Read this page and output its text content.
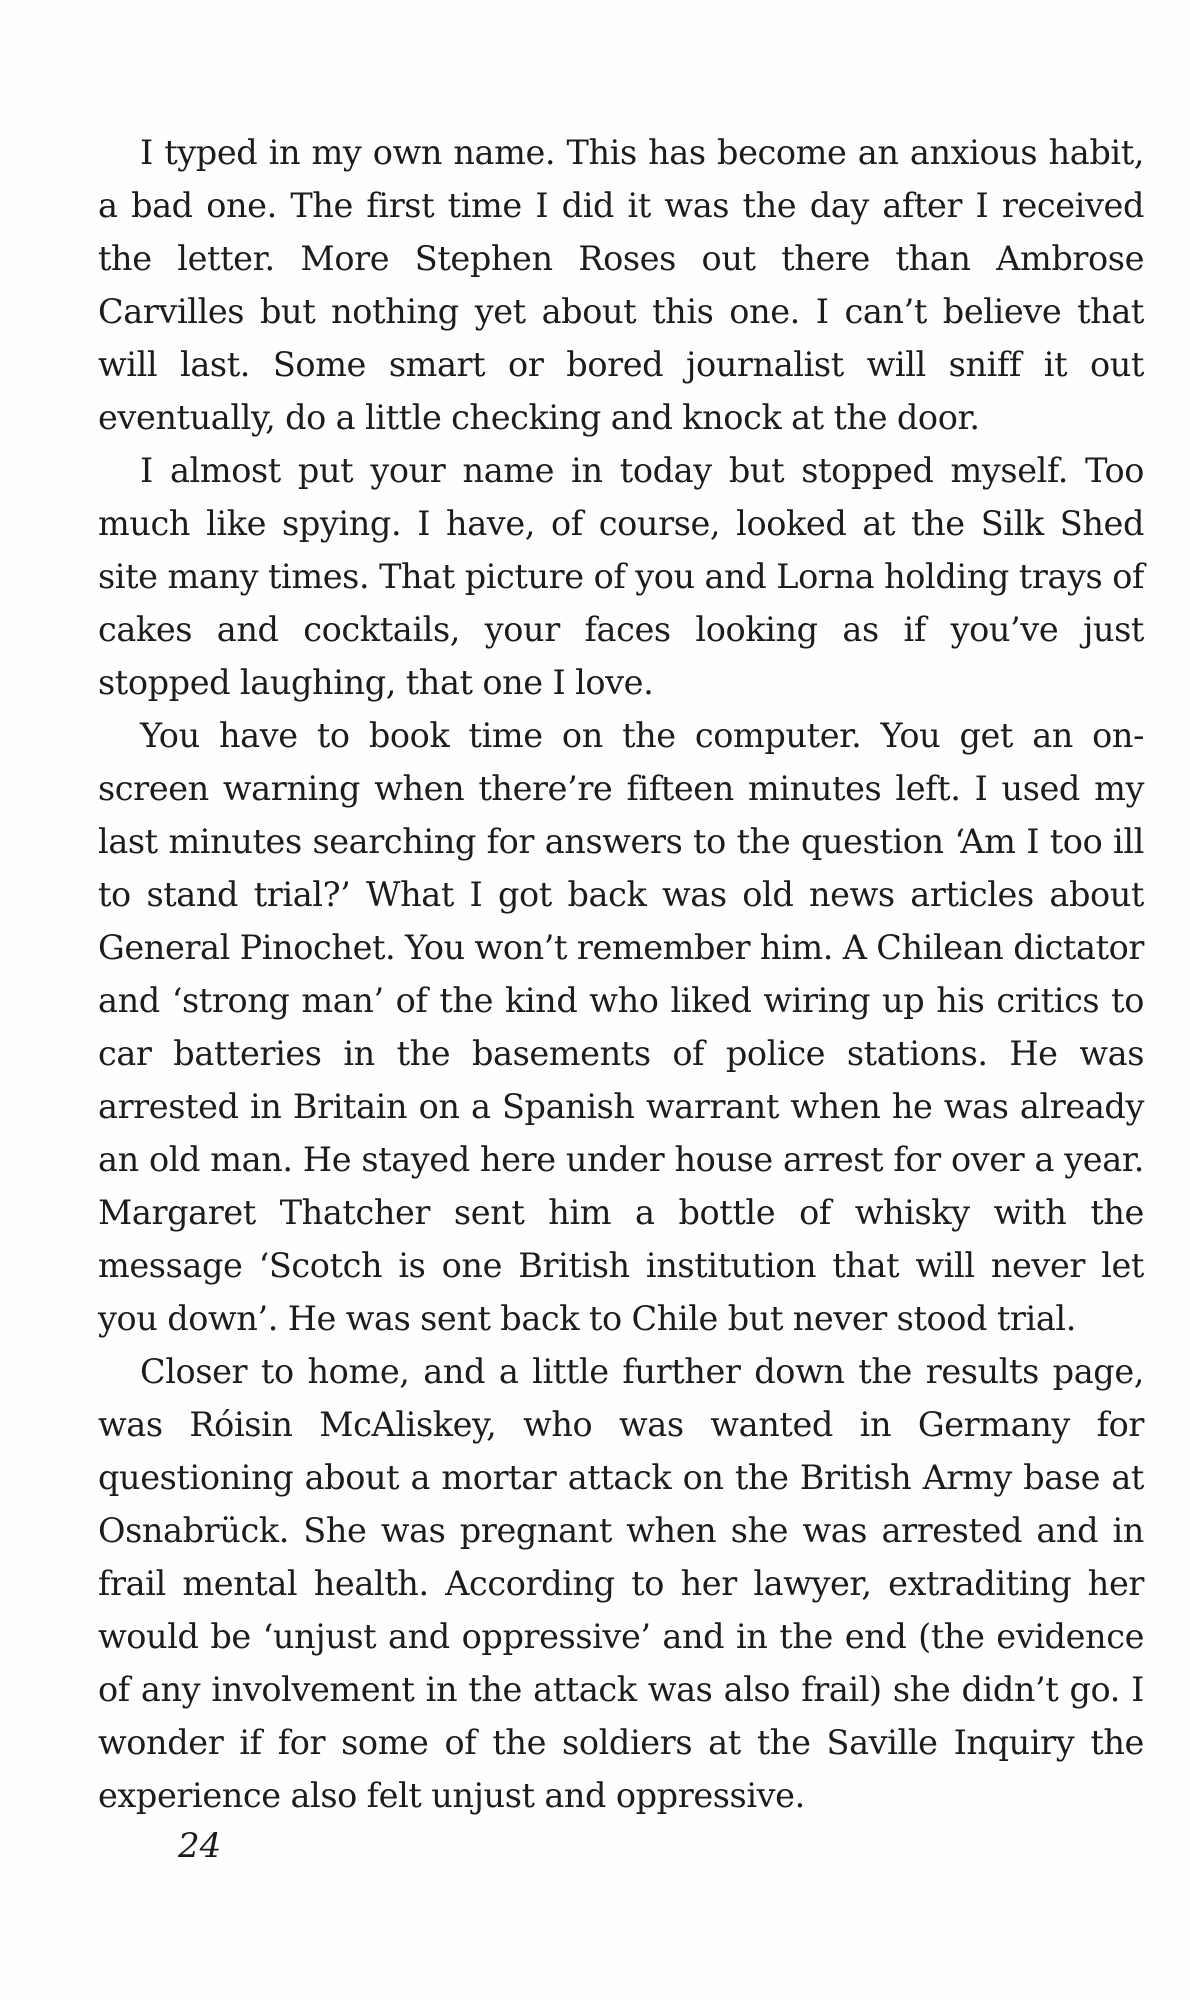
I typed in my own name. This has become an anxious habit, a bad one. The first time I did it was the day after I received the letter. More Stephen Roses out there than Ambrose Carvilles but nothing yet about this one. I can’t believe that will last. Some smart or bored journalist will sniff it out eventually, do a little checking and knock at the door.

I almost put your name in today but stopped myself. Too much like spying. I have, of course, looked at the Silk Shed site many times. That picture of you and Lorna holding trays of cakes and cocktails, your faces looking as if you’ve just stopped laughing, that one I love.

You have to book time on the computer. You get an on-screen warning when there’re fifteen minutes left. I used my last minutes searching for answers to the question ‘Am I too ill to stand trial?’ What I got back was old news articles about General Pinochet. You won’t remember him. A Chilean dictator and ‘strong man’ of the kind who liked wiring up his critics to car batteries in the basements of police stations. He was arrested in Britain on a Spanish warrant when he was already an old man. He stayed here under house arrest for over a year. Margaret Thatcher sent him a bottle of whisky with the message ‘Scotch is one British institution that will never let you down’. He was sent back to Chile but never stood trial.

Closer to home, and a little further down the results page, was Róisin McAliskey, who was wanted in Germany for questioning about a mortar attack on the British Army base at Osnabrück. She was pregnant when she was arrested and in frail mental health. According to her lawyer, extraditing her would be ‘unjust and oppressive’ and in the end (the evidence of any involvement in the attack was also frail) she didn’t go. I wonder if for some of the soldiers at the Saville Inquiry the experience also felt unjust and oppressive.

24
